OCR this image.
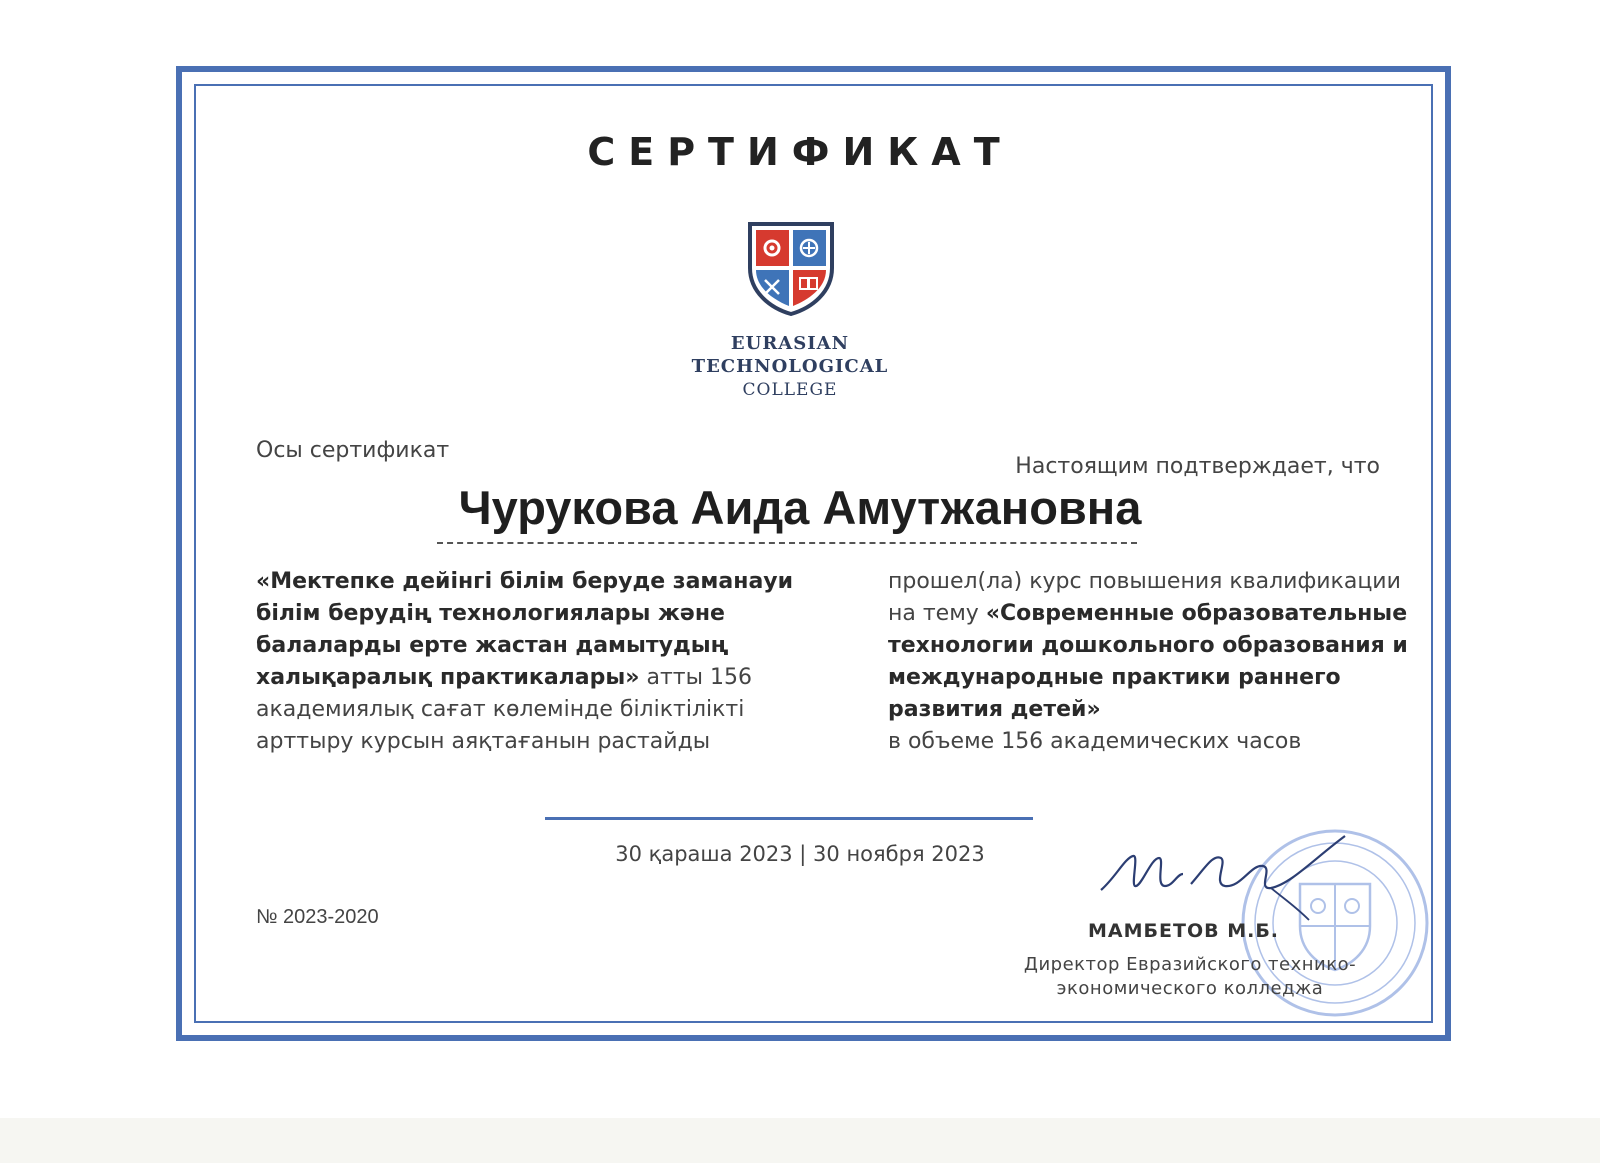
СЕРТИФИКАТ
EURASIAN
TECHNOLOGICAL
COLLEGE
Осы сертификат
Настоящим подтверждает, что
Чурукова Аида Амутжановна
«Мектепке дейінгі білім беруде заманауи білім берудің технологиялары және балаларды ерте жастан дамытудың халықаралық практикалары» атты 156 академиялық сағат көлемінде біліктілікті арттыру курсын аяқтағанын растайды
прошел(ла) курс повышения квалификации на тему «Современные образовательные технологии дошкольного образования и международные практики раннего развития детей»
в объеме 156 академических часов
30 қараша 2023 | 30 ноября 2023
№ 2023-2020
МАМБЕТОВ М.Б.
Директор Евразийского технико-
экономического колледжа
